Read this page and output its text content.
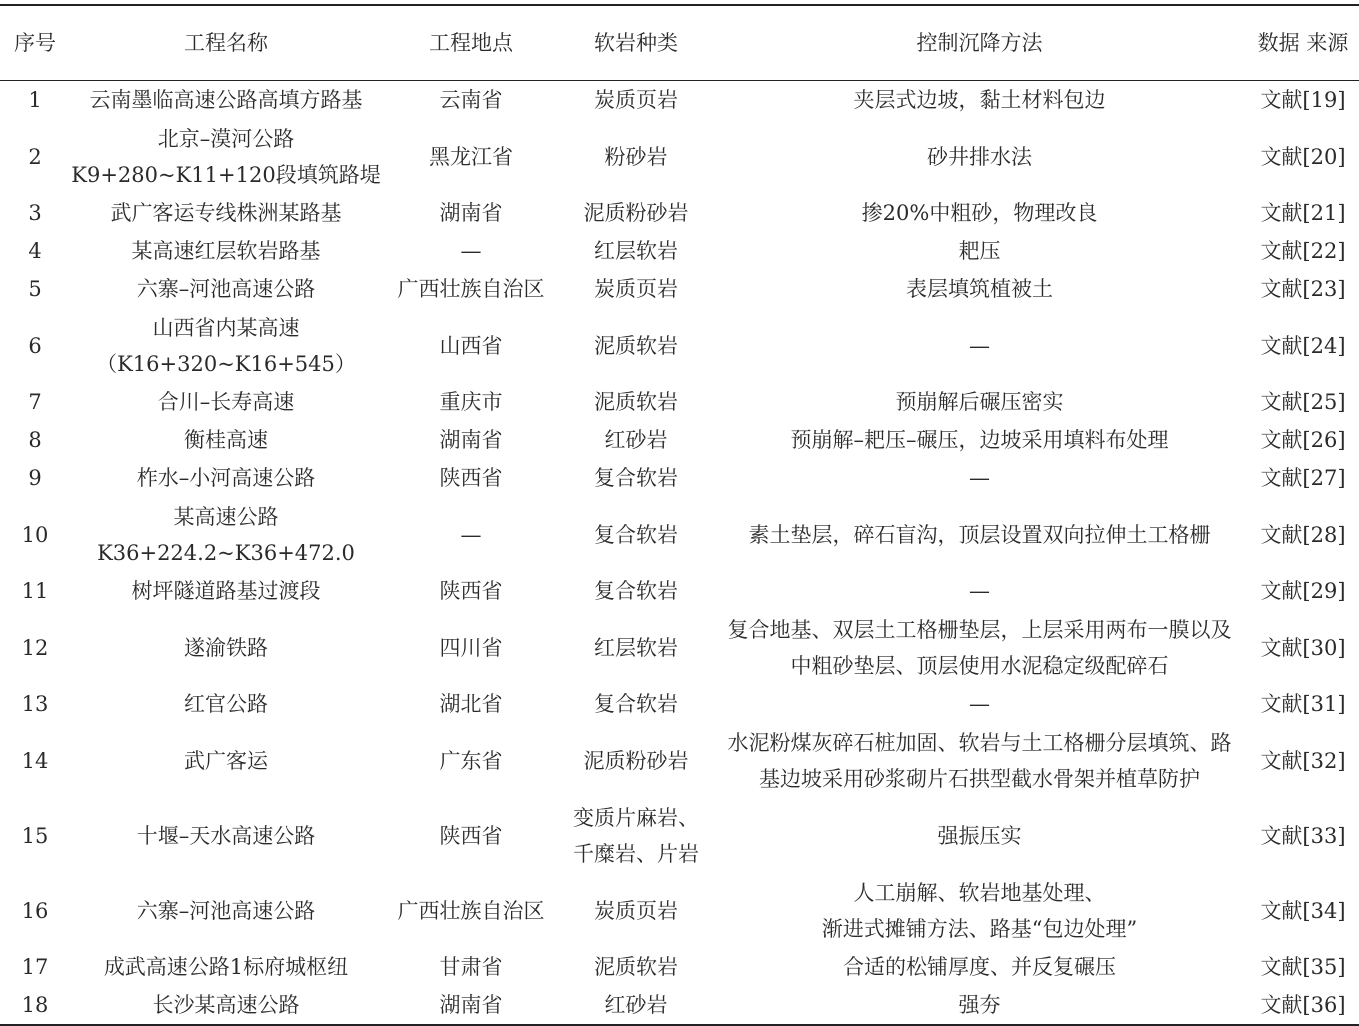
序号	工程名称	工程地点	软岩种类	控制沉降方法	数据 来源
1	云南墨临高速公路高填方路基	云南省	炭质页岩	夹层式边坡，黏土材料包边	文献[19]
2	北京–漠河公路
K9+280~K11+120段填筑路堤	黑龙江省	粉砂岩	砂井排水法	文献[20]
3	武广客运专线株洲某路基	湖南省	泥质粉砂岩	掺20%中粗砂，物理改良	文献[21]
4	某高速红层软岩路基	—	红层软岩	耙压	文献[22]
5	六寨–河池高速公路	广西壮族自治区	炭质页岩	表层填筑植被土	文献[23]
6	山西省内某高速
（K16+320~K16+545）	山西省	泥质软岩	—	文献[24]
7	合川–长寿高速	重庆市	泥质软岩	预崩解后碾压密实	文献[25]
8	衡桂高速	湖南省	红砂岩	预崩解–耙压–碾压，边坡采用填料布处理	文献[26]
9	柞水–小河高速公路	陕西省	复合软岩	—	文献[27]
10	某高速公路
K36+224.2~K36+472.0	—	复合软岩	素土垫层，碎石盲沟，顶层设置双向拉伸土工格栅	文献[28]
11	树坪隧道路基过渡段	陕西省	复合软岩	—	文献[29]
12	遂渝铁路	四川省	红层软岩	复合地基、双层土工格栅垫层，上层采用两布一膜以及
中粗砂垫层、顶层使用水泥稳定级配碎石	文献[30]
13	红官公路	湖北省	复合软岩	—	文献[31]
14	武广客运	广东省	泥质粉砂岩	水泥粉煤灰碎石桩加固、软岩与土工格栅分层填筑、路
基边坡采用砂浆砌片石拱型截水骨架并植草防护	文献[32]
15	十堰–天水高速公路	陕西省	变质片麻岩、
千糜岩、片岩	强振压实	文献[33]
16	六寨–河池高速公路	广西壮族自治区	炭质页岩	人工崩解、软岩地基处理、
渐进式摊铺方法、路基“包边处理”	文献[34]
17	成武高速公路1标府城枢纽	甘肃省	泥质软岩	合适的松铺厚度、并反复碾压	文献[35]
18	长沙某高速公路	湖南省	红砂岩	强夯	文献[36]
